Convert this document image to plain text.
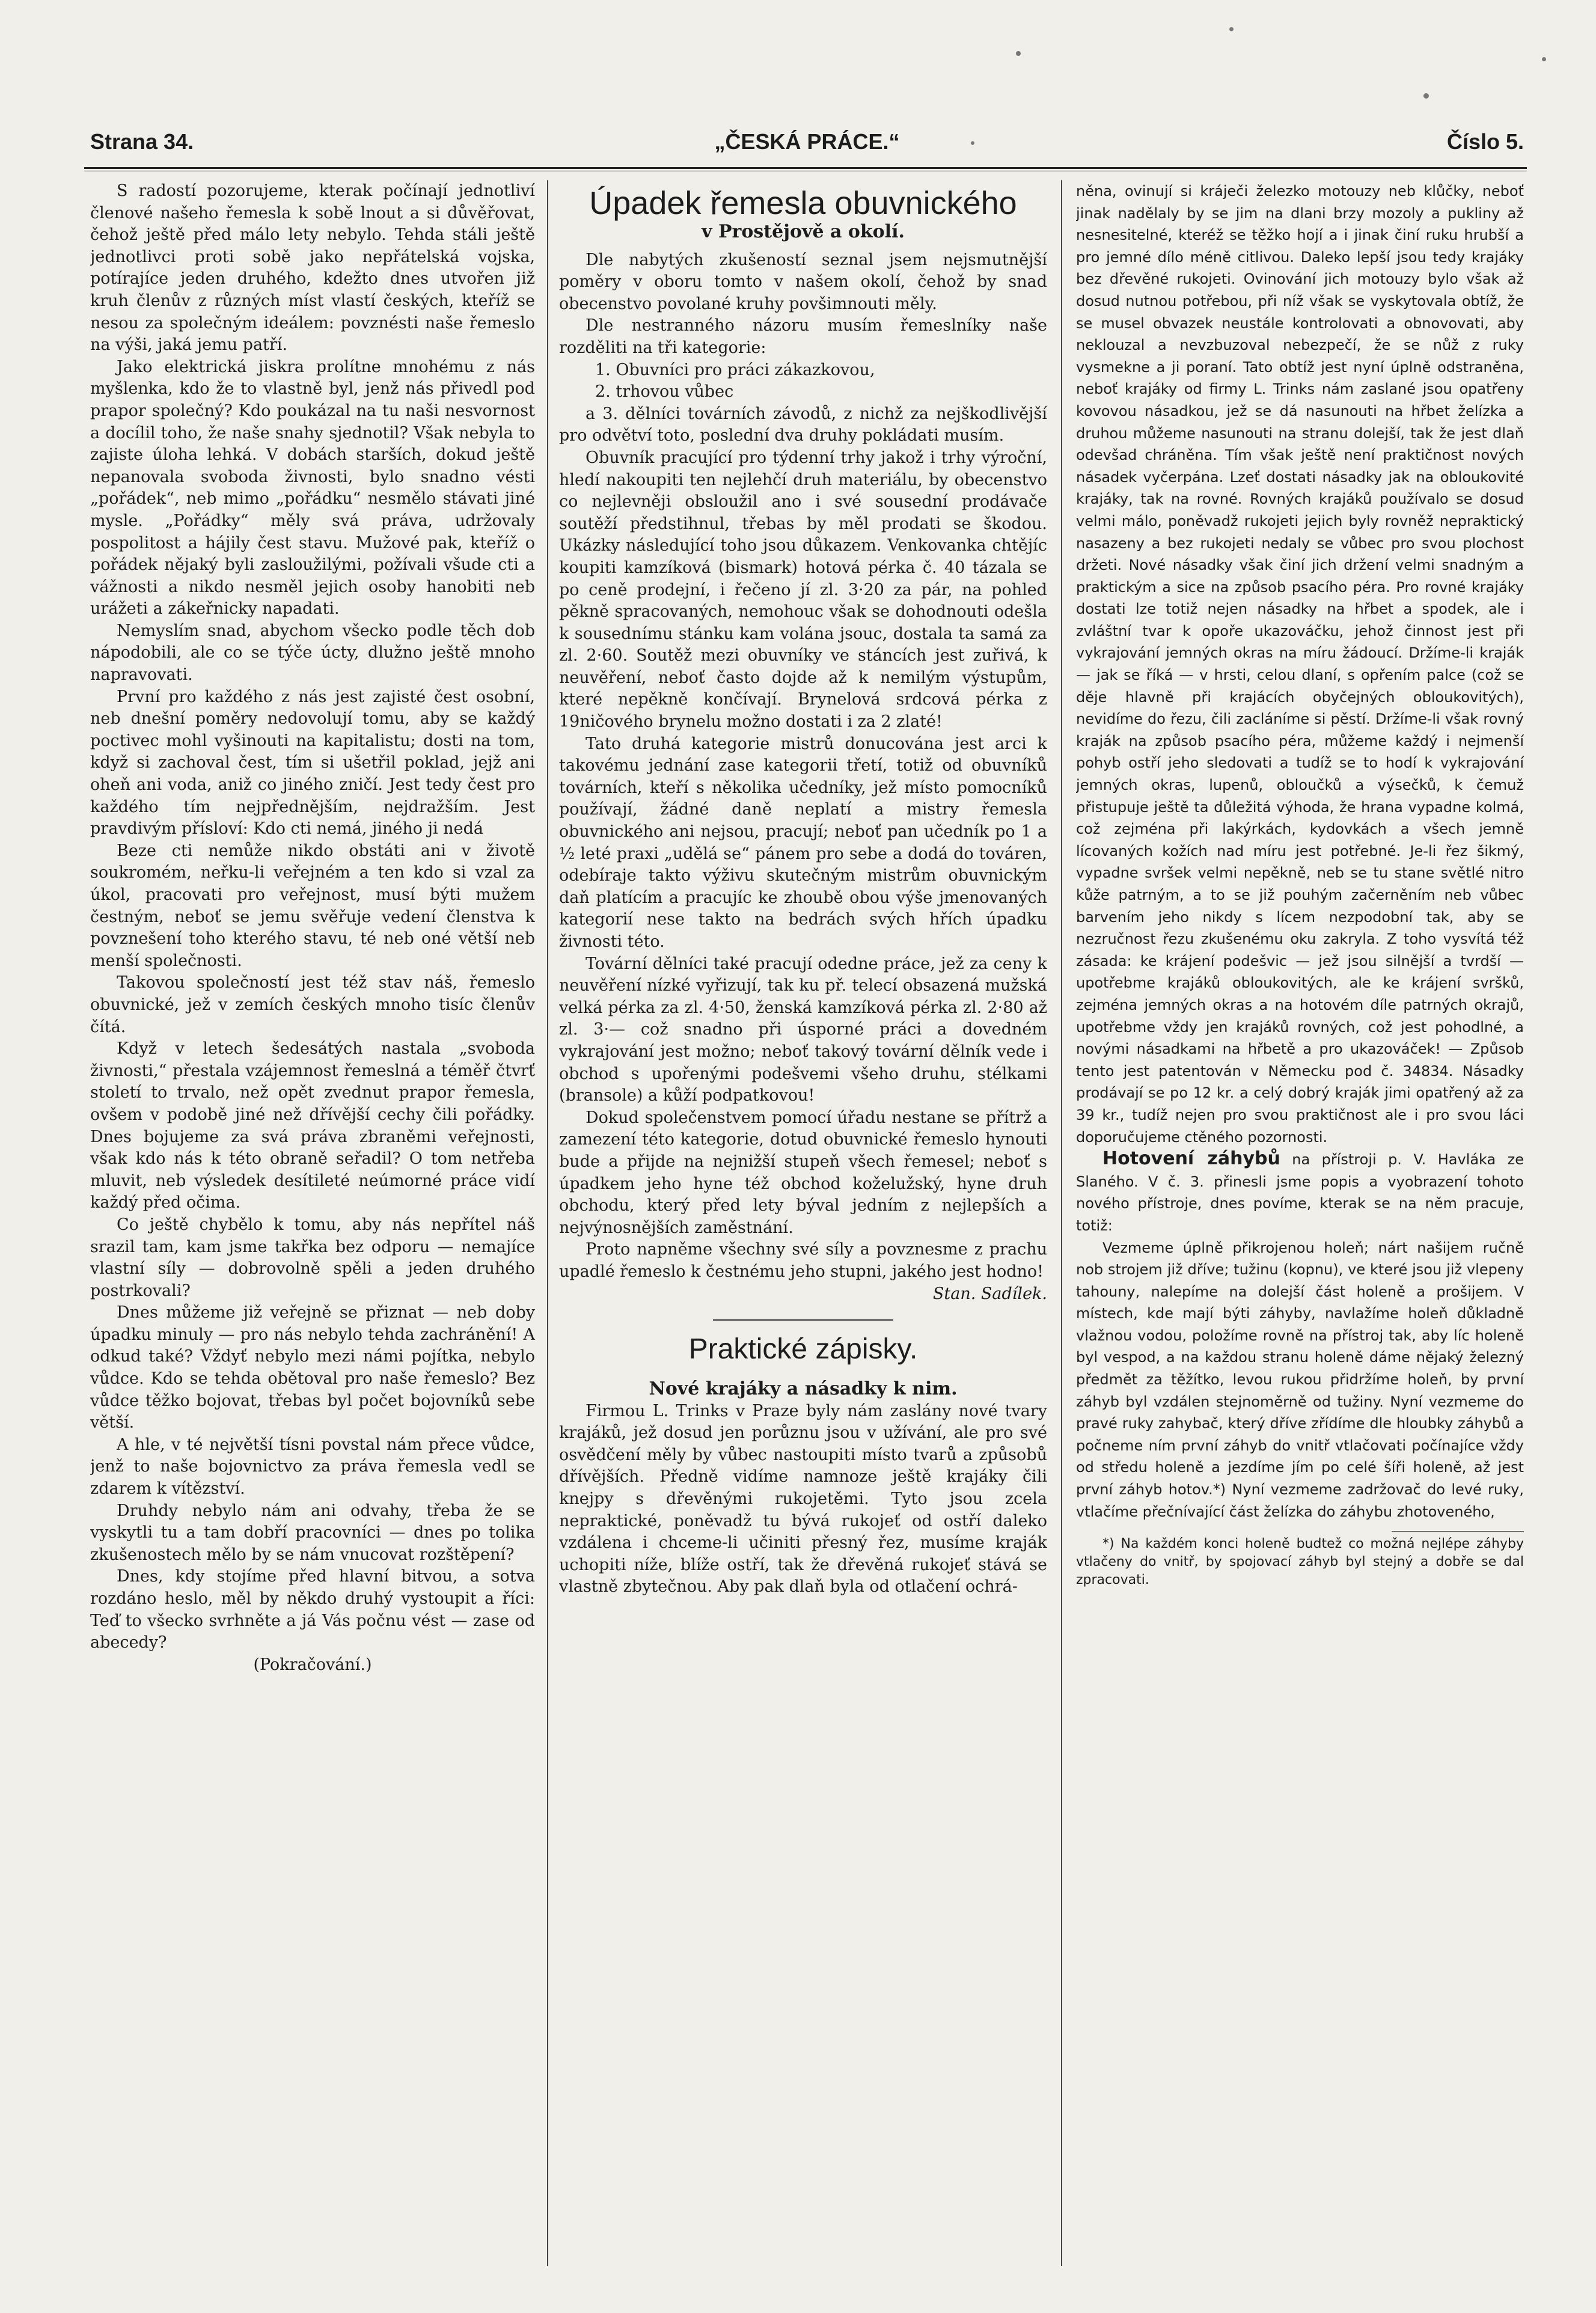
Strana 34.	„ČESKÁ PRÁCE.“	Číslo 5.

S radostí pozorujeme, kterak počínají jednotliví členové našeho řemesla k sobě lnout a si důvěřovat, čehož ještě před málo lety nebylo. Tehda stáli ještě jednotlivci proti sobě jako nepřátelská vojska, potírajíce jeden druhého, kdežto dnes utvořen již kruh členův z různých míst vlastí českých, kteříž se nesou za společným ideálem: povznésti naše řemeslo na výši, jaká jemu patří.

Jako elektrická jiskra prolítne mnohému z nás myšlenka, kdo že to vlastně byl, jenž nás přivedl pod prapor společný? Kdo poukázal na tu naši nesvornost a docílil toho, že naše snahy sjednotil? Však nebyla to zajiste úloha lehká. V dobách starších, dokud ještě nepanovala svoboda živnosti, bylo snadno vésti „pořádek“, neb mimo „pořádku“ nesmělo stávati jiné mysle. „Pořádky“ měly svá práva, udržovaly pospolitost a hájily čest stavu. Mužové pak, kteříž o pořádek nějaký byli zasloužilými, požívali všude cti a vážnosti a nikdo nesměl jejich osoby hanobiti neb urážeti a zákeřnicky napadati.

Nemyslím snad, abychom všecko podle těch dob nápodobili, ale co se týče úcty, dlužno ještě mnoho napravovati.

První pro každého z nás jest zajisté čest osobní, neb dnešní poměry nedovolují tomu, aby se každý poctivec mohl vyšinouti na kapitalistu; dosti na tom, když si zachoval čest, tím si ušetřil poklad, jejž ani oheň ani voda, aniž co jiného zničí. Jest tedy čest pro každého tím nejpřednějším, nejdražším. Jest pravdivým přísloví: Kdo cti nemá, jiného ji nedá

Beze cti nemůže nikdo obstáti ani v životě soukromém, neřku-li veřejném a ten kdo si vzal za úkol, pracovati pro veřejnost, musí býti mužem čestným, neboť se jemu svěřuje vedení členstva k povznešení toho kterého stavu, té neb oné větší neb menší společnosti.

Takovou společností jest též stav náš, řemeslo obuvnické, jež v zemích českých mnoho tisíc členův čítá.

Když v letech šedesátých nastala „svoboda živnosti,“ přestala vzájemnost řemeslná a téměř čtvrť století to trvalo, než opět zvednut prapor řemesla, ovšem v podobě jiné než dřívější cechy čili pořádky. Dnes bojujeme za svá práva zbraněmi veřejnosti, však kdo nás k této obraně seřadil? O tom netřeba mluvit, neb výsledek desítileté neúmorné práce vidí každý před očima.

Co ještě chybělo k tomu, aby nás nepřítel náš srazil tam, kam jsme takřka bez odporu — nemajíce vlastní síly — dobrovolně spěli a jeden druhého postrkovali?

Dnes můžeme již veřejně se přiznat — neb doby úpadku minuly — pro nás nebylo tehda zachránění! A odkud také? Vždyť nebylo mezi námi pojítka, nebylo vůdce. Kdo se tehda obětoval pro naše řemeslo? Bez vůdce těžko bojovat, třebas byl počet bojovníků sebe větší.

A hle, v té největší tísni povstal nám přece vůdce, jenž to naše bojovnictvo za práva řemesla vedl se zdarem k vítězství.

Druhdy nebylo nám ani odvahy, třeba že se vyskytli tu a tam dobří pracovníci — dnes po tolika zkušenostech mělo by se nám vnucovat rozštěpení?

Dnes, kdy stojíme před hlavní bitvou, a sotva rozdáno heslo, měl by někdo druhý vystoupit a říci: Teď to všecko svrhněte a já Vás počnu vést — zase od abecedy?

(Pokračování.)

Úpadek řemesla obuvnického
v Prostějově a okolí.

Dle nabytých zkušeností seznal jsem nejsmutnější poměry v oboru tomto v našem okolí, čehož by snad obecenstvo povolané kruhy povšimnouti měly.

Dle nestranného názoru musím řemeslníky naše rozděliti na tři kategorie:

1. Obuvníci pro práci zákazkovou,

2. trhovou vůbec

a 3. dělníci továrních závodů, z nichž za nejškodlivější pro odvětví toto, poslední dva druhy pokládati musím.

Obuvník pracující pro týdenní trhy jakož i trhy výroční, hledí nakoupiti ten nejlehčí druh materiálu, by obecenstvo co nejlevněji obsloužil ano i své sousední prodávače soutěží předstihnul, třebas by měl prodati se škodou. Ukázky následující toho jsou důkazem. Venkovanka chtějíc koupiti kamzíková (bismark) hotová pérka č. 40 tázala se po ceně prodejní, i řečeno jí zl. 3·20 za pár, na pohled pěkně spracovaných, nemohouc však se dohodnouti odešla k sousednímu stánku kam volána jsouc, dostala ta samá za zl. 2·60. Soutěž mezi obuvníky ve stáncích jest zuřivá, k neuvěření, neboť často dojde až k nemilým výstupům, které nepěkně končívají. Brynelová srdcová pérka z 19ničového brynelu možno dostati i za 2 zlaté!

Tato druhá kategorie mistrů donucována jest arci k takovému jednání zase kategorii třetí, totiž od obuvníků továrních, kteří s několika učedníky, jež místo pomocníků používají, žádné daně neplatí a mistry řemesla obuvnického ani nejsou, pracují; neboť pan učedník po 1 a ½ leté praxi „udělá se“ pánem pro sebe a dodá do továren, odebíraje takto výživu skutečným mistrům obuvnickým daň platícím a pracujíc ke zhoubě obou výše jmenovaných kategorií nese takto na bedrách svých hřích úpadku živnosti této.

Tovární dělníci také pracují odedne práce, jež za ceny k neuvěření nízké vyřizují, tak ku př. telecí obsazená mužská velká pérka za zl. 4·50, ženská kamzíková pérka zl. 2·80 až zl. 3·— což snadno při úsporné práci a dovedném vykrajování jest možno; neboť takový tovární dělník vede i obchod s upořenými podešvemi všeho druhu, stélkami (bransole) a kůží podpatkovou!

Dokud společenstvem pomocí úřadu nestane se přítrž a zamezení této kategorie, dotud obuvnické řemeslo hynouti bude a přijde na nejnižší stupeň všech řemesel; neboť s úpadkem jeho hyne též obchod koželužský, hyne druh obchodu, který před lety býval jedním z nejlepších a nejvýnosnějších zaměstnání.

Proto napněme všechny své síly a povznesme z prachu upadlé řemeslo k čestnému jeho stupni, jakého jest hodno!

Stan. Sadílek.

Praktické zápisky.
Nové krajáky a násadky k nim.

Firmou L. Trinks v Praze byly nám zaslány nové tvary krajáků, jež dosud jen porůznu jsou v užívání, ale pro své osvědčení měly by vůbec nastoupiti místo tvarů a způsobů dřívějších. Předně vidíme namnoze ještě krajáky čili knejpy s dřevěnými rukojetěmi. Tyto jsou zcela nepraktické, poněvadž tu bývá rukojeť od ostří daleko vzdálena i chceme-li učiniti přesný řez, musíme kraják uchopiti níže, blíže ostří, tak že dřevěná rukojeť stává se vlastně zbytečnou. Aby pak dlaň byla od otlačení ochrá-

něna, ovinují si kráječi železko motouzy neb klůčky, neboť jinak nadělaly by se jim na dlani brzy mozoly a pukliny až nesnesitelné, kteréž se těžko hojí a i jinak činí ruku hrubší a pro jemné dílo méně citlivou. Daleko lepší jsou tedy krajáky bez dřevěné rukojeti. Ovinování jich motouzy bylo však až dosud nutnou potřebou, při níž však se vyskytovala obtíž, že se musel obvazek neustále kontrolovati a obnovovati, aby neklouzal a nevzbuzoval nebezpečí, že se nůž z ruky vysmekne a ji poraní. Tato obtíž jest nyní úplně odstraněna, neboť krajáky od firmy L. Trinks nám zaslané jsou opatřeny kovovou násadkou, jež se dá nasunouti na hřbet želízka a druhou můžeme nasunouti na stranu dolejší, tak že jest dlaň odevšad chráněna. Tím však ještě není praktičnost nových násadek vyčerpána. Lzeť dostati násadky jak na obloukovité krajáky, tak na rovné. Rovných krajáků používalo se dosud velmi málo, poněvadž rukojeti jejich byly rovněž nepraktický nasazeny a bez rukojeti nedaly se vůbec pro svou plochost držeti. Nové násadky však činí jich držení velmi snadným a praktickým a sice na způsob psacího péra. Pro rovné krajáky dostati lze totiž nejen násadky na hřbet a spodek, ale i zvláštní tvar k opoře ukazováčku, jehož činnost jest při vykrajování jemných okras na míru žádoucí. Držíme-li kraják — jak se říká — v hrsti, celou dlaní, s opřením palce (což se děje hlavně při krajácích obyčejných obloukovitých), nevidíme do řezu, čili zacláníme si pěstí. Držíme-li však rovný kraják na způsob psacího péra, můžeme každý i nejmenší pohyb ostří jeho sledovati a tudíž se to hodí k vykrajování jemných okras, lupenů, obloučků a výsečků, k čemuž přistupuje ještě ta důležitá výhoda, že hrana vypadne kolmá, což zejména při lakýrkách, kydovkách a všech jemně lícovaných kožích nad míru jest potřebné. Je-li řez šikmý, vypadne svršek velmi nepěkně, neb se tu stane světlé nitro kůže patrným, a to se již pouhým začerněním neb vůbec barvením jeho nikdy s lícem nezpodobní tak, aby se nezručnost řezu zkušenému oku zakryla. Z toho vysvítá též zásada: ke krájení podešvic — jež jsou silnější a tvrdší — upotřebme krajáků obloukovitých, ale ke krájení svršků, zejména jemných okras a na hotovém díle patrných okrajů, upotřebme vždy jen krajáků rovných, což jest pohodlné, a novými násadkami na hřbetě a pro ukazováček! — Způsob tento jest patentován v Německu pod č. 34834. Násadky prodávají se po 12 kr. a celý dobrý kraják jimi opatřený až za 39 kr., tudíž nejen pro svou praktičnost ale i pro svou láci doporučujeme ctěného pozornosti.

Hotovení záhybů na přístroji p. V. Havláka ze Slaného. V č. 3. přinesli jsme popis a vyobrazení tohoto nového přístroje, dnes povíme, kterak se na něm pracuje, totiž:

Vezmeme úplně přikrojenou holeň; nárt našijem ručně nob strojem již dříve; tužinu (kopnu), ve které jsou již vlepeny tahouny, nalepíme na dolejší část holeně a prošijem. V místech, kde mají býti záhyby, navlažíme holeň důkladně vlažnou vodou, položíme rovně na přístroj tak, aby líc holeně byl vespod, a na každou stranu holeně dáme nějaký železný předmět za těžítko, levou rukou přidržíme holeň, by první záhyb byl vzdálen stejnoměrně od tužiny. Nyní vezmeme do pravé ruky zahybač, který dříve zřídíme dle hloubky záhybů a počneme ním první záhyb do vnitř vtlačovati počínajíce vždy od středu holeně a jezdíme jím po celé šíři holeně, až jest první záhyb hotov.*) Nyní vezmeme zadržovač do levé ruky, vtlačíme přečnívající část želízka do záhybu zhotoveného,

*) Na každém konci holeně budtež co možná nejlépe záhyby vtlačeny do vnitř, by spojovací záhyb byl stejný a dobře se dal zpracovati.
